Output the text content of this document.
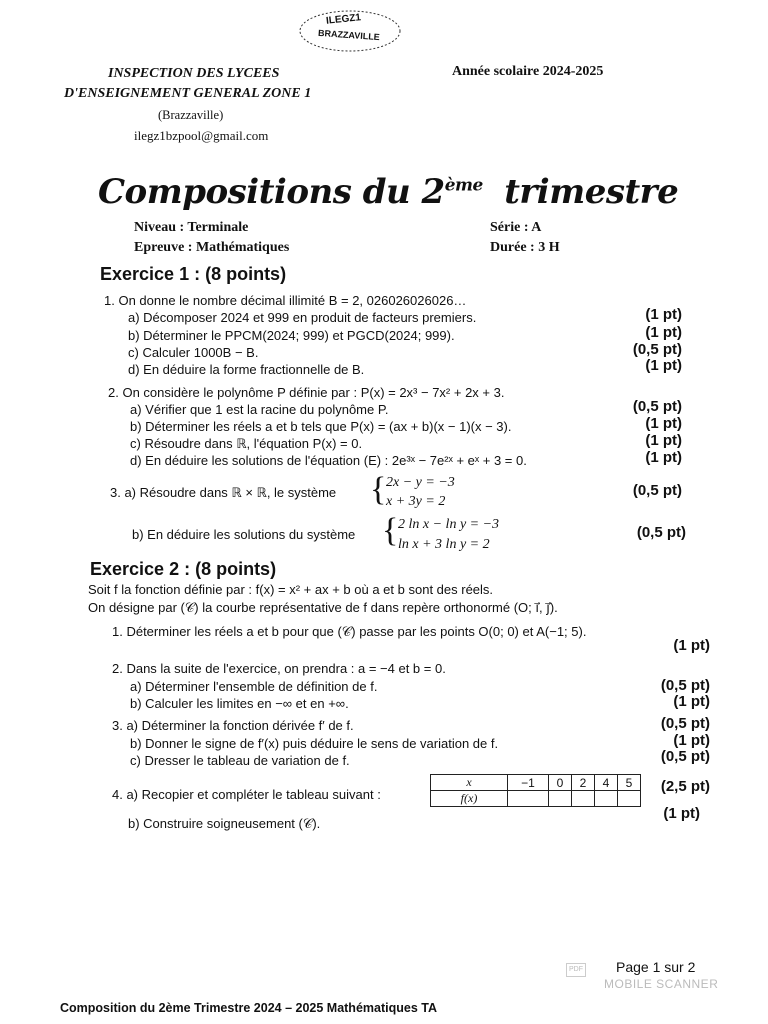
ILEGZ1
BRAZZAVILLE
INSPECTION DES LYCEES
D'ENSEIGNEMENT GENERAL ZONE 1
(Brazzaville)
ilegz1bzpool@gmail.com
Année scolaire 2024-2025
Compositions du 2ème trimestre
Niveau : Terminale
Epreuve : Mathématiques
Série : A
Durée : 3 H
Exercice 1 : (8 points)
1. On donne le nombre décimal illimité B = 2, 026026026026…
a) Décomposer 2024 et 999 en produit de facteurs premiers.	(1 pt)
b) Déterminer le PPCM(2024; 999) et PGCD(2024; 999).	(1 pt)
c) Calculer 1000B − B.	(0,5 pt)
d) En déduire la forme fractionnelle de B.	(1 pt)
2. On considère le polynôme P définie par : P(x) = 2x³ − 7x² + 2x + 3.
a) Vérifier que 1 est la racine du polynôme P.	(0,5 pt)
b) Déterminer les réels a et b tels que P(x) = (ax + b)(x − 1)(x − 3).	(1 pt)
c) Résoudre dans ℝ, l'équation P(x) = 0.	(1 pt)
d) En déduire les solutions de l'équation (E) : 2e³ˣ − 7e²ˣ + eˣ + 3 = 0.	(1 pt)
3. a) Résoudre dans ℝ × ℝ, le système { 2x − y = −3
x + 3y = 2
(0,5 pt)
b) En déduire les solutions du système { 2 ln x − ln y = −3
ln x + 3 ln y = 2
(0,5 pt)
Exercice 2 : (8 points)
Soit f la fonction définie par : f(x) = x² + ax + b où a et b sont des réels.
On désigne par (𝒞) la courbe représentative de f dans repère orthonormé (O; i⃗, j⃗).
1. Déterminer les réels a et b pour que (𝒞) passe par les points O(0; 0) et A(−1; 5).
(1 pt)
2. Dans la suite de l'exercice, on prendra : a = −4 et b = 0.
a) Déterminer l'ensemble de définition de f.	(0,5 pt)
b) Calculer les limites en −∞ et en +∞.	(1 pt)
3. a) Déterminer la fonction dérivée f′ de f.	(0,5 pt)
b) Donner le signe de f′(x) puis déduire le sens de variation de f.	(1 pt)
c) Dresser le tableau de variation de f.	(0,5 pt)
4. a) Recopier et compléter le tableau suivant :
x	−1	0	2	4	5
f(x)					
(2,5 pt)
b) Construire soigneusement (𝒞).
(1 pt)
PDF	Page 1 sur 2
MOBILE SCANNER
Composition du 2ème Trimestre 2024 – 2025 Mathématiques TA
